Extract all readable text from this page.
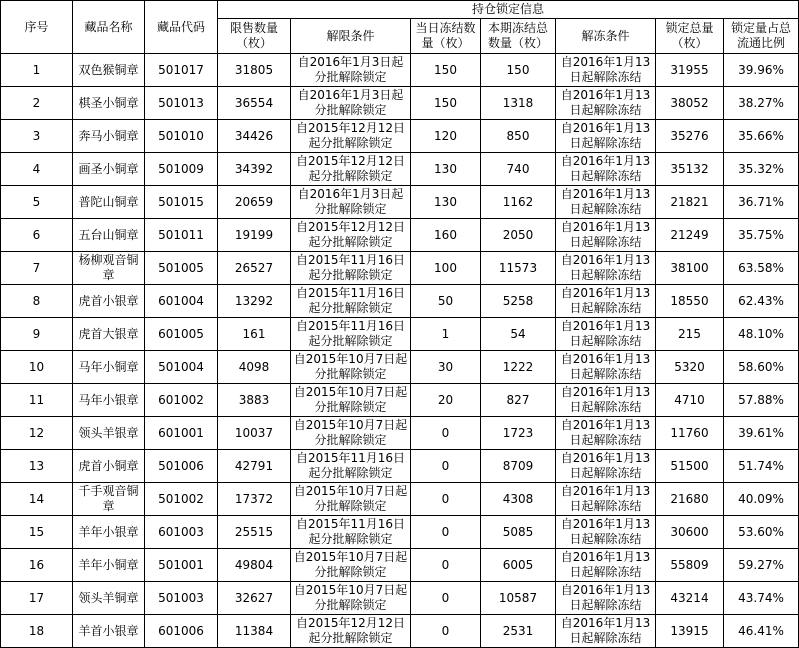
序号	藏品名称	藏品代码	持仓锁定信息						
			限售数量（枚）	解限条件	当日冻结数量（枚）	本期冻结总数量（枚）	解冻条件	锁定总量（枚）	锁定量占总流通比例
1	双色猴铜章	501017	31805	自2016年1月3日起分批解除锁定	150	150	自2016年1月13日起解除冻结	31955	39.96%
2	棋圣小铜章	501013	36554	自2016年1月3日起分批解除锁定	150	1318	自2016年1月13日起解除冻结	38052	38.27%
3	奔马小铜章	501010	34426	自2015年12月12日起分批解除锁定	120	850	自2016年1月13日起解除冻结	35276	35.66%
4	画圣小铜章	501009	34392	自2015年12月12日起分批解除锁定	130	740	自2016年1月13日起解除冻结	35132	35.32%
5	普陀山铜章	501015	20659	自2016年1月3日起分批解除锁定	130	1162	自2016年1月13日起解除冻结	21821	36.71%
6	五台山铜章	501011	19199	自2015年12月12日起分批解除锁定	160	2050	自2016年1月13日起解除冻结	21249	35.75%
7	杨柳观音铜章	501005	26527	自2015年11月16日起分批解除锁定	100	11573	自2016年1月13日起解除冻结	38100	63.58%
8	虎首小银章	601004	13292	自2015年11月16日起分批解除锁定	50	5258	自2016年1月13日起解除冻结	18550	62.43%
9	虎首大银章	601005	161	自2015年11月16日起分批解除锁定	1	54	自2016年1月13日起解除冻结	215	48.10%
10	马年小铜章	501004	4098	自2015年10月7日起分批解除锁定	30	1222	自2016年1月13日起解除冻结	5320	58.60%
11	马年小银章	601002	3883	自2015年10月7日起分批解除锁定	20	827	自2016年1月13日起解除冻结	4710	57.88%
12	领头羊银章	601001	10037	自2015年10月7日起分批解除锁定	0	1723	自2016年1月13日起解除冻结	11760	39.61%
13	虎首小铜章	501006	42791	自2015年11月16日起分批解除锁定	0	8709	自2016年1月13日起解除冻结	51500	51.74%
14	千手观音铜章	501002	17372	自2015年10月7日起分批解除锁定	0	4308	自2016年1月13日起解除冻结	21680	40.09%
15	羊年小银章	601003	25515	自2015年11月16日起分批解除锁定	0	5085	自2016年1月13日起解除冻结	30600	53.60%
16	羊年小铜章	501001	49804	自2015年10月7日起分批解除锁定	0	6005	自2016年1月13日起解除冻结	55809	59.27%
17	领头羊铜章	501003	32627	自2015年10月7日起分批解除锁定	0	10587	自2016年1月13日起解除冻结	43214	43.74%
18	羊首小银章	601006	11384	自2015年12月12日起分批解除锁定	0	2531	自2016年1月13日起解除冻结	13915	46.41%
